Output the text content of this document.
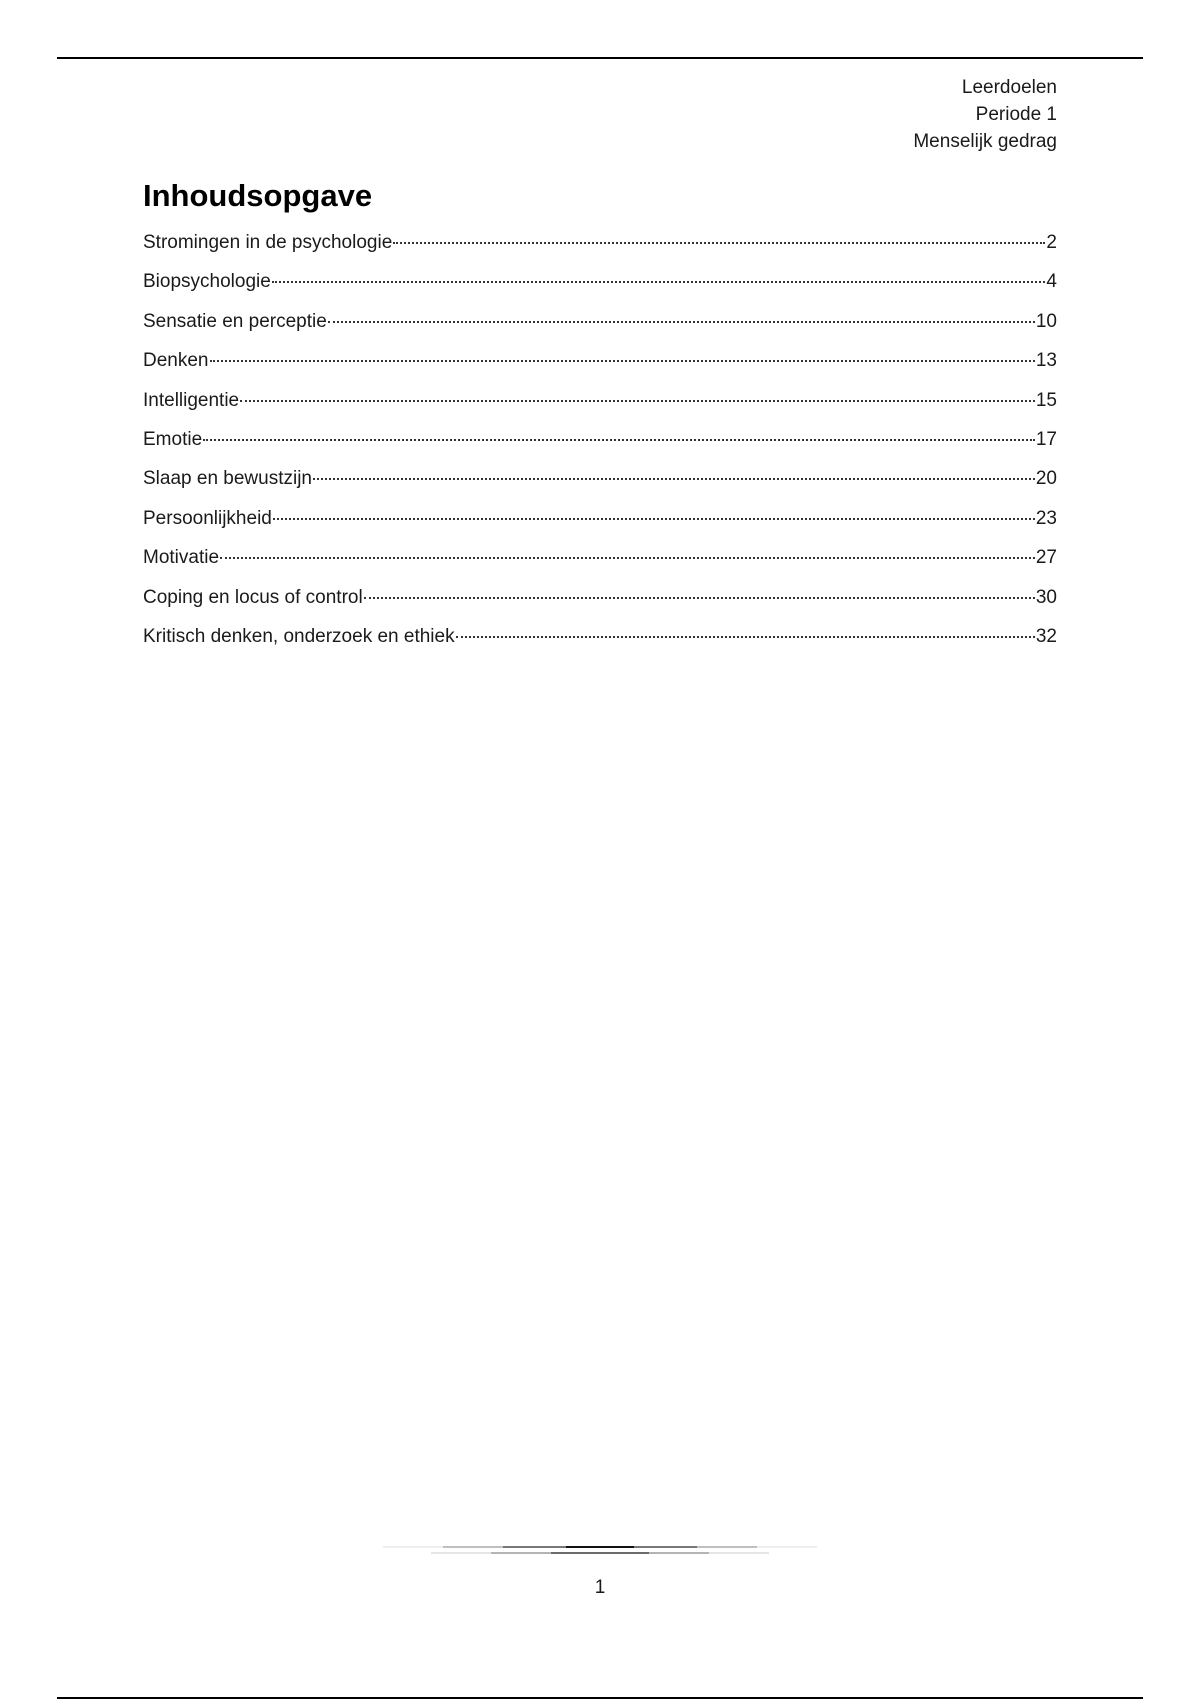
Leerdoelen
Periode 1
Menselijk gedrag
Inhoudsopgave
Stromingen in de psychologie	2
Biopsychologie	4
Sensatie en perceptie	10
Denken	13
Intelligentie	15
Emotie	17
Slaap en bewustzijn	20
Persoonlijkheid	23
Motivatie	27
Coping en locus of control	30
Kritisch denken, onderzoek en ethiek	32
1
